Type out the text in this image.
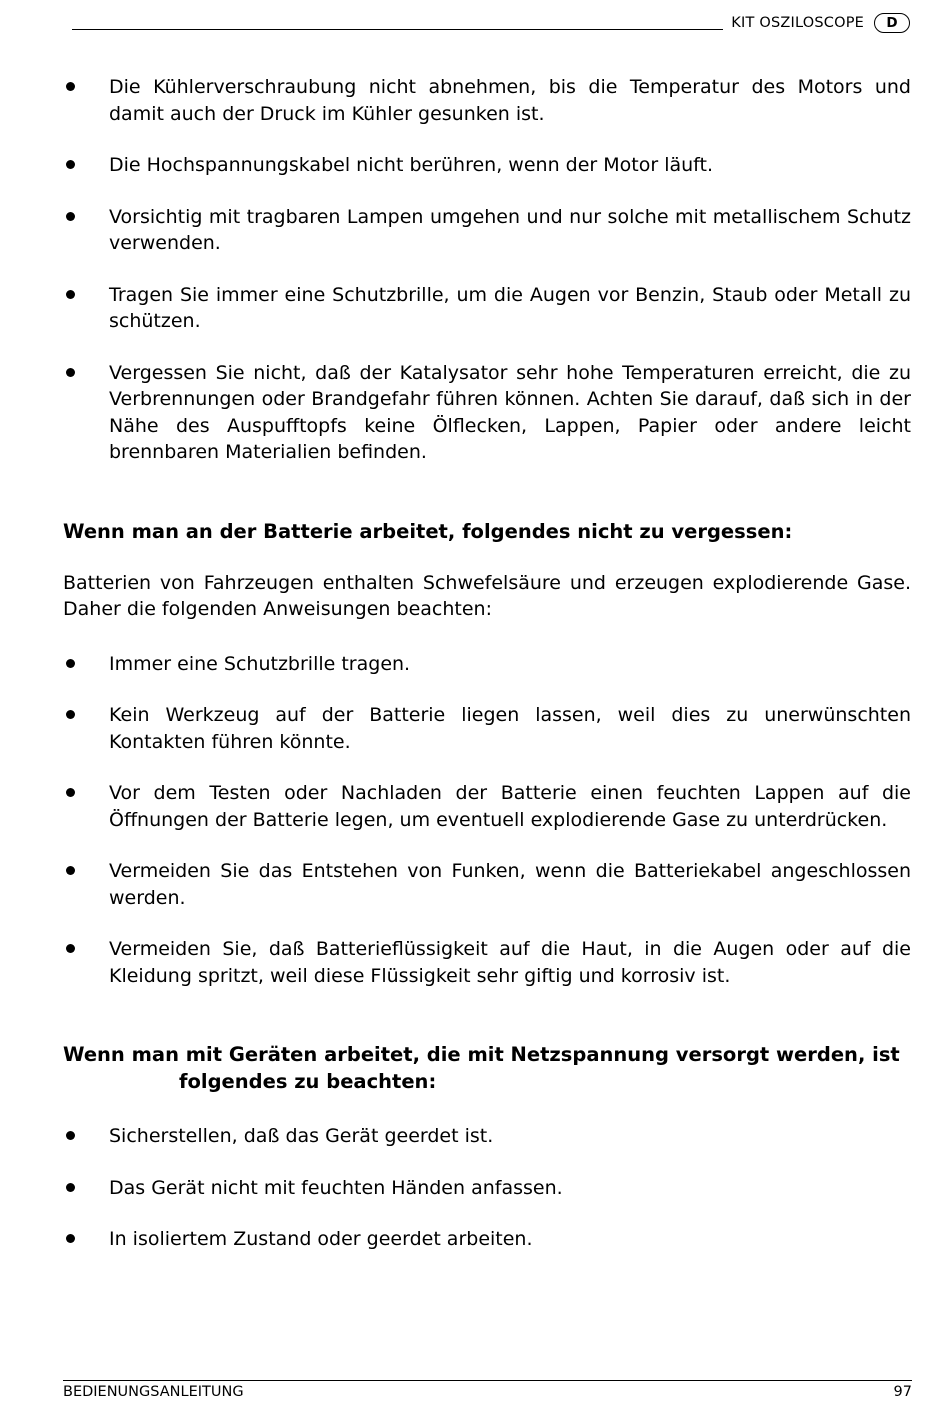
KIT OSZILOSCOPE	D
Die Kühlerverschraubung nicht abnehmen, bis die Temperatur des Motors und damit auch der Druck im Kühler gesunken ist.
Die Hochspannungskabel nicht berühren, wenn der Motor läuft.
Vorsichtig mit tragbaren Lampen umgehen und nur solche mit metallischem Schutz verwenden.
Tragen Sie immer eine Schutzbrille, um die Augen vor Benzin, Staub oder Metall zu schützen.
Vergessen Sie nicht, daß der Katalysator sehr hohe Temperaturen erreicht, die zu Verbrennungen oder Brandgefahr führen können. Achten Sie darauf, daß sich in der Nähe des Auspufftopfs keine Ölflecken, Lappen, Papier oder andere leicht brennbaren Materialien befinden.
Wenn man an der Batterie arbeitet, folgendes nicht zu vergessen:
Batterien von Fahrzeugen enthalten Schwefelsäure und erzeugen explodierende Gase. Daher die folgenden Anweisungen beachten:
Immer eine Schutzbrille tragen.
Kein Werkzeug auf der Batterie liegen lassen, weil dies zu unerwünschten Kontakten führen könnte.
Vor dem Testen oder Nachladen der Batterie einen feuchten Lappen auf die Öffnungen der Batterie legen, um eventuell explodierende Gase zu unterdrücken.
Vermeiden Sie das Entstehen von Funken, wenn die Batteriekabel angeschlossen werden.
Vermeiden Sie, daß Batterieflüssigkeit auf die Haut, in die Augen oder auf die Kleidung spritzt, weil diese Flüssigkeit sehr giftig und korrosiv ist.
Wenn man mit Geräten arbeitet, die mit Netzspannung versorgt werden, ist
folgendes zu beachten:
Sicherstellen, daß das Gerät geerdet ist.
Das Gerät nicht mit feuchten Händen anfassen.
In isoliertem Zustand oder geerdet arbeiten.
BEDIENUNGSANLEITUNG	97
